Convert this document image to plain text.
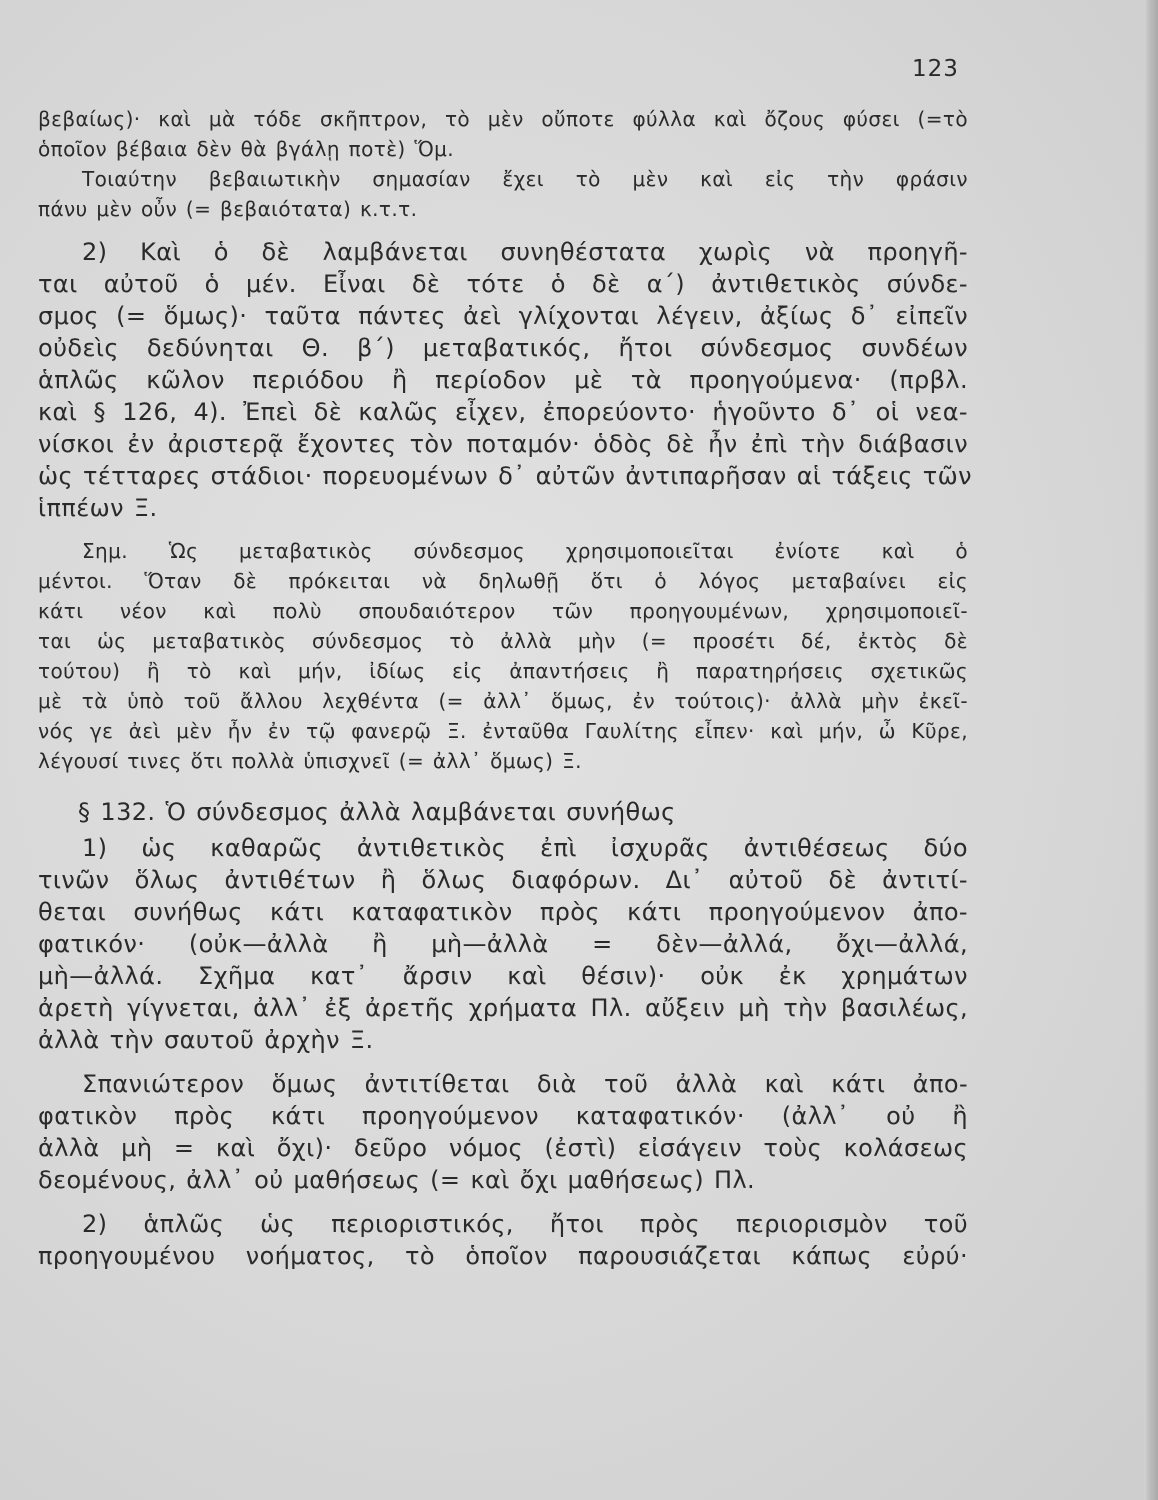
123
βεβαίως)· καὶ μὰ τόδε σκῆπτρον, τὸ μὲν οὔποτε φύλλα καὶ ὄζους φύσει (=τὸ
ὁποῖον βέβαια δὲν θὰ βγάλῃ ποτὲ) Ὅμ.
Τοιαύτην βεβαιωτικὴν σημασίαν ἔχει τὸ μὲν καὶ εἰς τὴν φράσιν
πάνυ μὲν οὖν (= βεβαιότατα) κ.τ.τ.
2) Καὶ ὁ δὲ λαμβάνεται συνηθέστατα χωρὶς νὰ προηγῆ-
ται αὐτοῦ ὁ μέν. Εἶναι δὲ τότε ὁ δὲ α΄) ἀντιθετικὸς σύνδε-
σμος (= ὅμως)· ταῦτα πάντες ἀεὶ γλίχονται λέγειν, ἀξίως δ᾿ εἰπεῖν
οὐδεὶς δεδύνηται Θ. β΄) μεταβατικός, ἤτοι σύνδεσμος συνδέων
ἁπλῶς κῶλον περιόδου ἢ περίοδον μὲ τὰ προηγούμενα· (πρβλ.
καὶ § 126, 4). Ἐπεὶ δὲ καλῶς εἶχεν, ἐπορεύοντο· ἡγοῦντο δ᾿ οἱ νεα-
νίσκοι ἐν ἀριστερᾷ ἔχοντες τὸν ποταμόν· ὁδὸς δὲ ἦν ἐπὶ τὴν διάβασιν
ὡς τέτταρες στάδιοι· πορευομένων δ᾿ αὐτῶν ἀντιπαρῆσαν αἱ τάξεις τῶν
ἱππέων Ξ.
Σημ. Ὡς μεταβατικὸς σύνδεσμος χρησιμοποιεῖται ἐνίοτε καὶ ὁ
μέντοι. Ὅταν δὲ πρόκειται νὰ δηλωθῇ ὅτι ὁ λόγος μεταβαίνει εἰς
κάτι νέον καὶ πολὺ σπουδαιότερον τῶν προηγουμένων, χρησιμοποιεῖ-
ται ὡς μεταβατικὸς σύνδεσμος τὸ ἀλλὰ μὴν (= προσέτι δέ, ἐκτὸς δὲ
τούτου) ἢ τὸ καὶ μήν, ἰδίως εἰς ἀπαντήσεις ἢ παρατηρήσεις σχετικῶς
μὲ τὰ ὑπὸ τοῦ ἄλλου λεχθέντα (= ἀλλ᾿ ὅμως, ἐν τούτοις)· ἀλλὰ μὴν ἐκεῖ-
νός γε ἀεὶ μὲν ἦν ἐν τῷ φανερῷ Ξ. ἐνταῦθα Γαυλίτης εἶπεν· καὶ μήν, ὦ Κῦρε,
λέγουσί τινες ὅτι πολλὰ ὑπισχνεῖ (= ἀλλ᾿ ὅμως) Ξ.
§ 132. Ὁ σύνδεσμος ἀλλὰ λαμβάνεται συνήθως
1) ὡς καθαρῶς ἀντιθετικὸς ἐπὶ ἰσχυρᾶς ἀντιθέσεως δύο
τινῶν ὅλως ἀντιθέτων ἢ ὅλως διαφόρων. Δι᾿ αὐτοῦ δὲ ἀντιτί-
θεται συνήθως κάτι καταφατικὸν πρὸς κάτι προηγούμενον ἀπο-
φατικόν· (οὐκ—ἀλλὰ ἢ μὴ—ἀλλὰ = δὲν—ἀλλά, ὄχι—ἀλλά,
μὴ—ἀλλά. Σχῆμα κατ᾿ ἄρσιν καὶ θέσιν)· οὐκ ἐκ χρημάτων
ἀρετὴ γίγνεται, ἀλλ᾿ ἐξ ἀρετῆς χρήματα Πλ. αὔξειν μὴ τὴν βασιλέως,
ἀλλὰ τὴν σαυτοῦ ἀρχὴν Ξ.
Σπανιώτερον ὅμως ἀντιτίθεται διὰ τοῦ ἀλλὰ καὶ κάτι ἀπο-
φατικὸν πρὸς κάτι προηγούμενον καταφατικόν· (ἀλλ᾿ οὐ ἢ
ἀλλὰ μὴ = καὶ ὄχι)· δεῦρο νόμος (ἐστὶ) εἰσάγειν τοὺς κολάσεως
δεομένους, ἀλλ᾿ οὐ μαθήσεως (= καὶ ὄχι μαθήσεως) Πλ.
2) ἁπλῶς ὡς περιοριστικός, ἤτοι πρὸς περιορισμὸν τοῦ
προηγουμένου νοήματος, τὸ ὁποῖον παρουσιάζεται κάπως εὐρύ·
